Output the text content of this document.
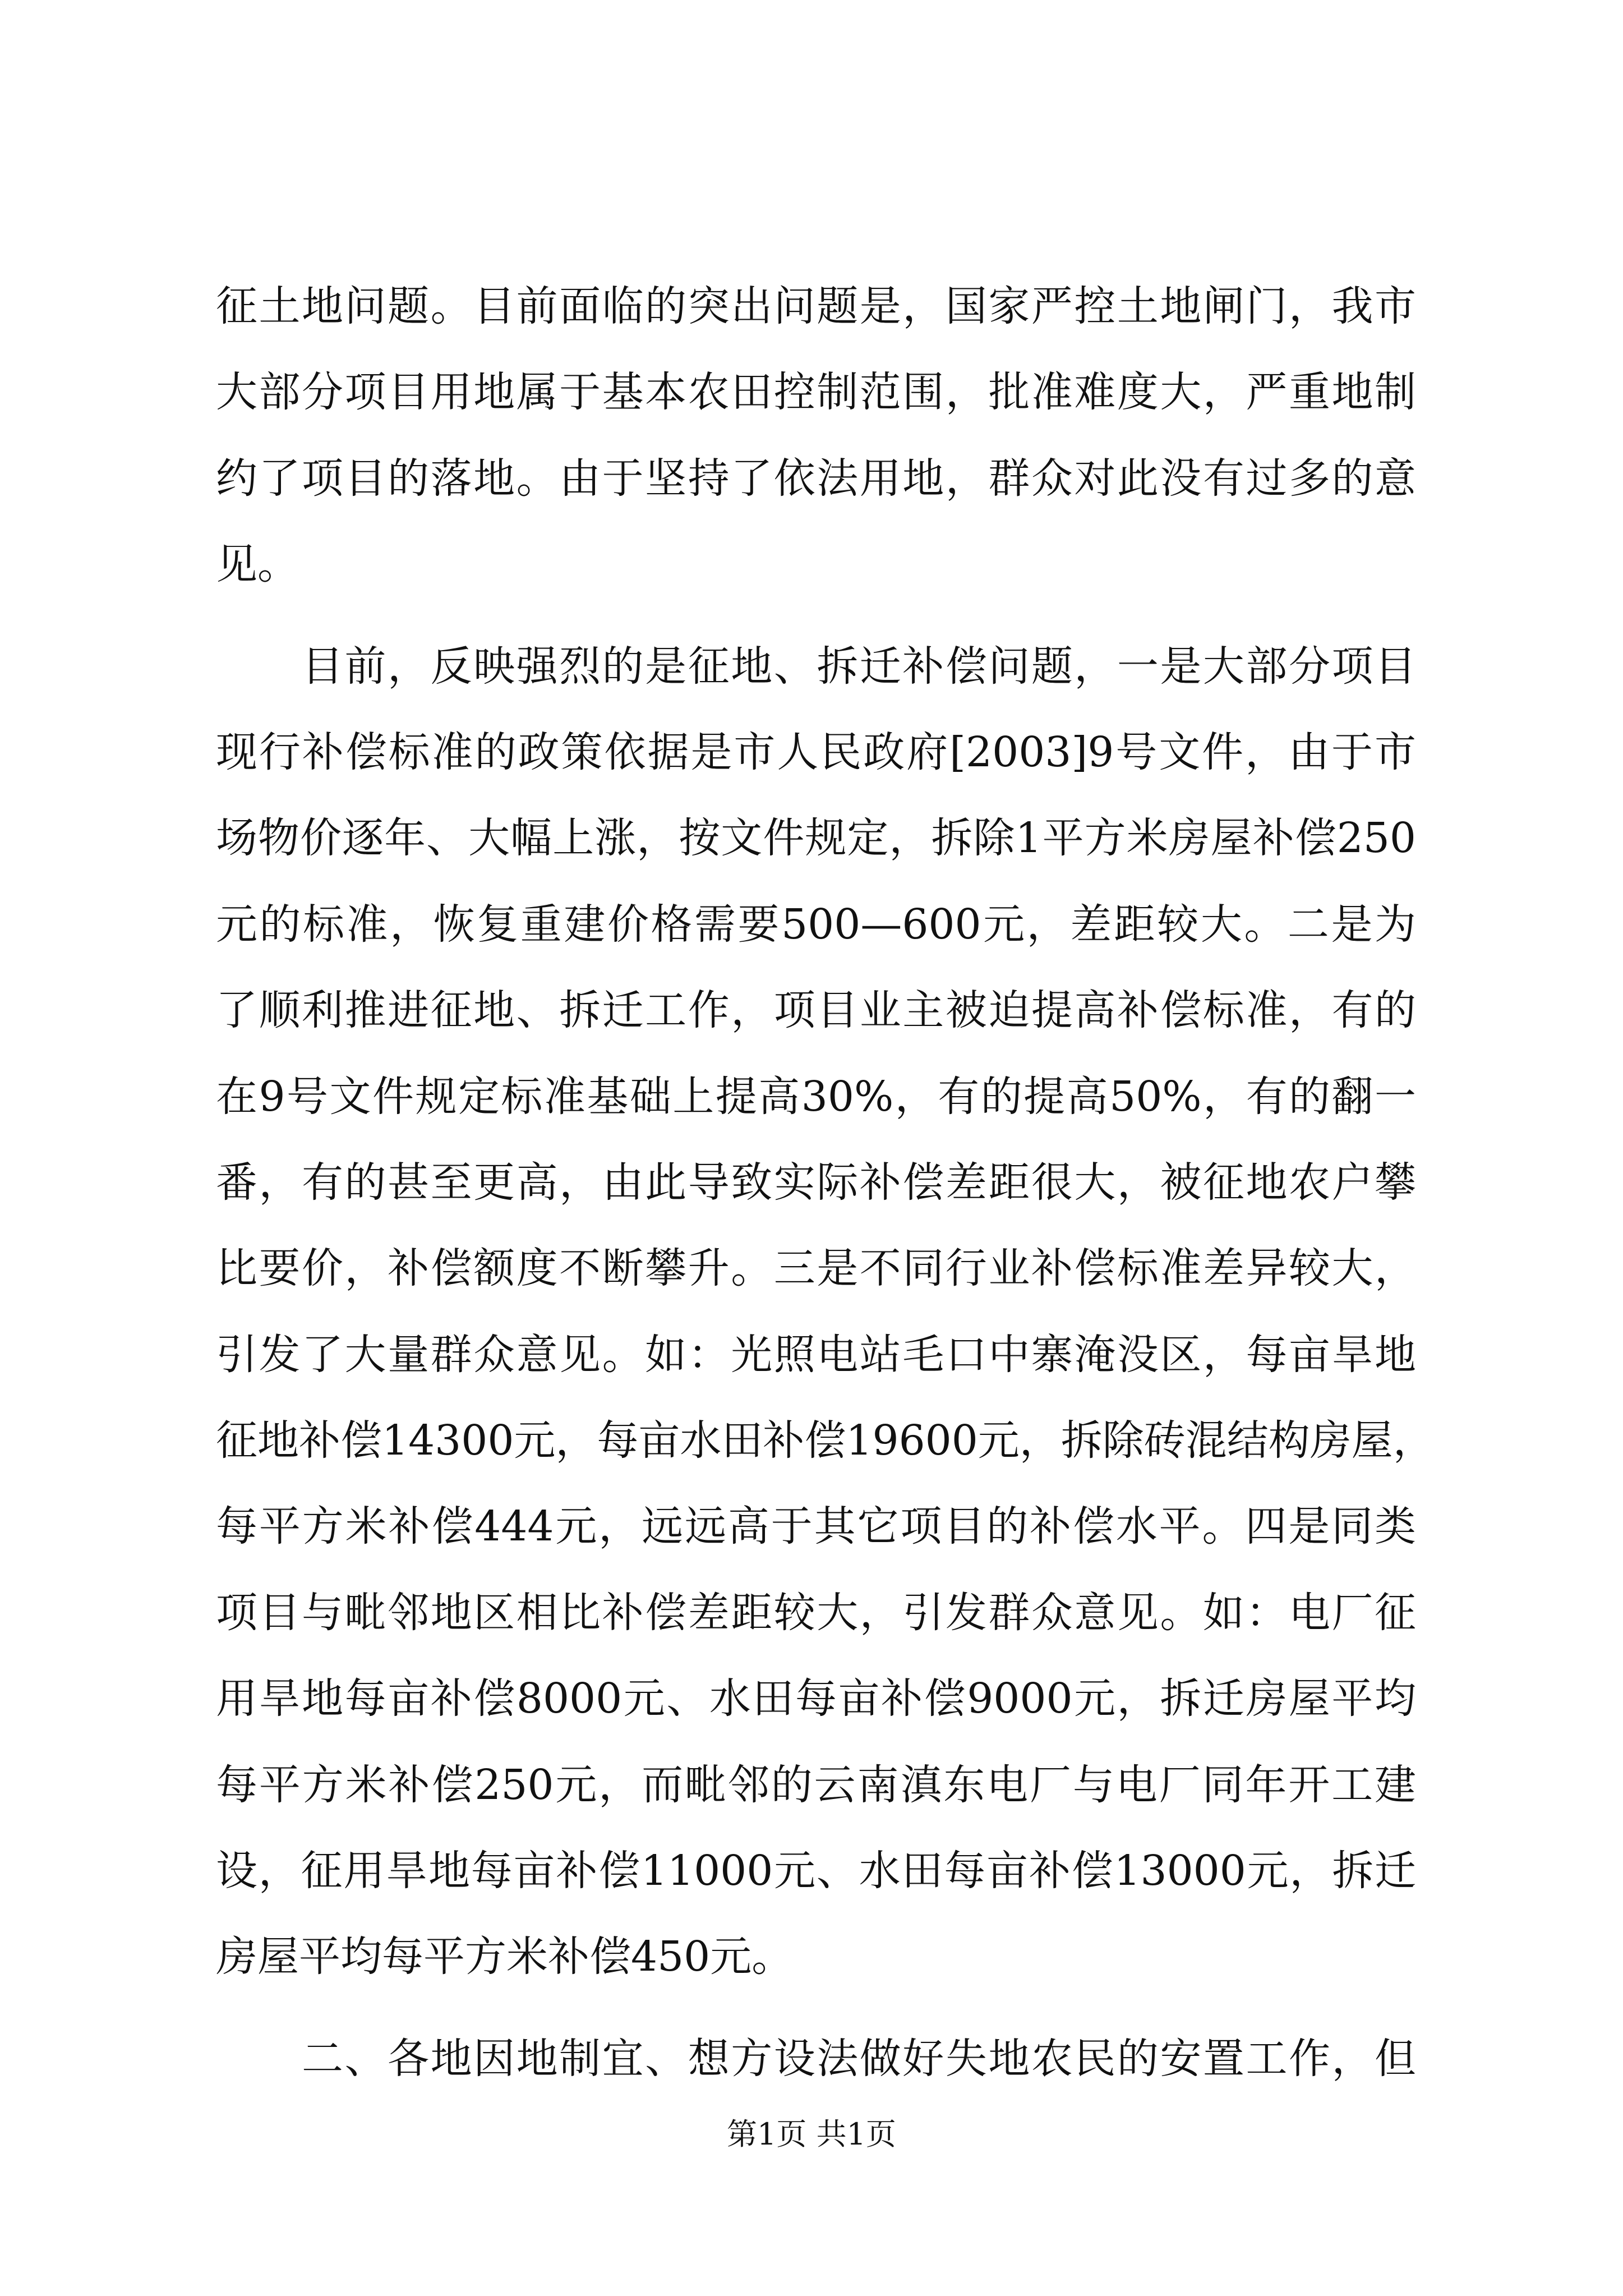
征土地问题。目前面临的突出问题是，国家严控土地闸门，我市
大部分项目用地属于基本农田控制范围，批准难度大，严重地制
约了项目的落地。由于坚持了依法用地，群众对此没有过多的意
见。
　　目前，反映强烈的是征地、拆迁补偿问题，一是大部分项目
现行补偿标准的政策依据是市人民政府[2003]9号文件，由于市
场物价逐年、大幅上涨，按文件规定，拆除1平方米房屋补偿250
元的标准，恢复重建价格需要500—600元，差距较大。二是为
了顺利推进征地、拆迁工作，项目业主被迫提高补偿标准，有的
在9号文件规定标准基础上提高30%，有的提高50%，有的翻一
番，有的甚至更高，由此导致实际补偿差距很大，被征地农户攀
比要价，补偿额度不断攀升。三是不同行业补偿标准差异较大，
引发了大量群众意见。如：光照电站毛口中寨淹没区，每亩旱地
征地补偿14300元，每亩水田补偿19600元，拆除砖混结构房屋，
每平方米补偿444元，远远高于其它项目的补偿水平。四是同类
项目与毗邻地区相比补偿差距较大，引发群众意见。如：电厂征
用旱地每亩补偿8000元、水田每亩补偿9000元，拆迁房屋平均
每平方米补偿250元，而毗邻的云南滇东电厂与电厂同年开工建
设，征用旱地每亩补偿11000元、水田每亩补偿13000元，拆迁
房屋平均每平方米补偿450元。
　　二、各地因地制宜、想方设法做好失地农民的安置工作，但
第1页 共1页
